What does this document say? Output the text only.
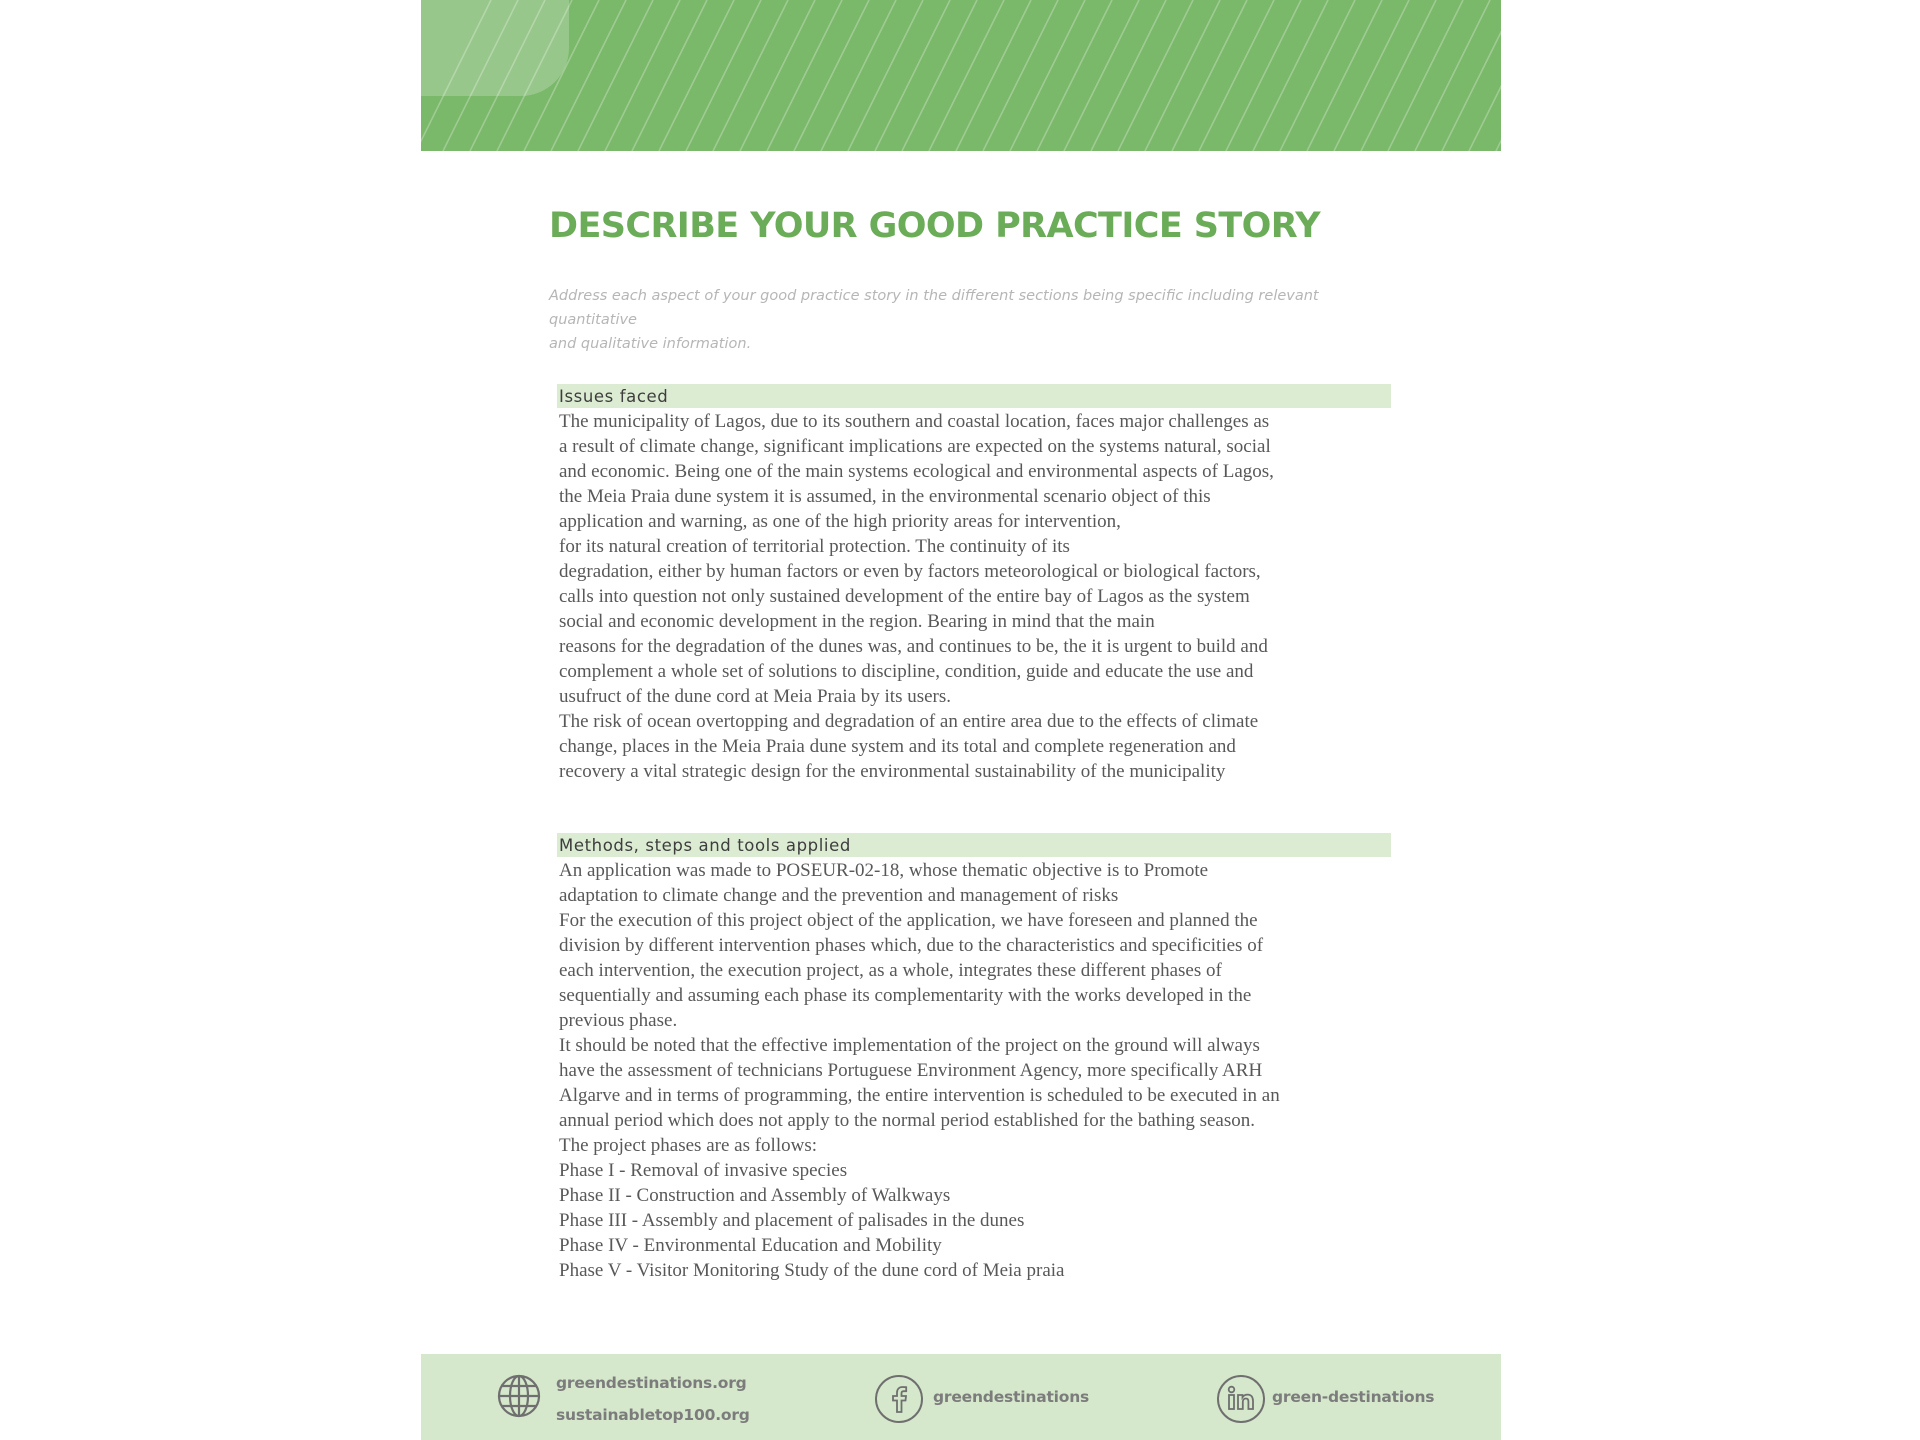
DESCRIBE YOUR GOOD PRACTICE STORY
Address each aspect of your good practice story in the different sections being specific including relevant quantitative
and qualitative information.
Issues faced
The municipality of Lagos, due to its southern and coastal location, faces major challenges as
a result of climate change, significant implications are expected on the systems natural, social
and economic. Being one of the main systems ecological and environmental aspects of Lagos,
the Meia Praia dune system it is assumed, in the environmental scenario object of this
application and warning, as one of the high priority areas for intervention,
for its natural creation of territorial protection. The continuity of its
degradation, either by human factors or even by factors meteorological or biological factors,
calls into question not only sustained development of the entire bay of Lagos as the system
social and economic development in the region. Bearing in mind that the main
reasons for the degradation of the dunes was, and continues to be, the it is urgent to build and
complement a whole set of solutions to discipline, condition, guide and educate the use and
usufruct of the dune cord at Meia Praia by its users.
The risk of ocean overtopping and degradation of an entire area due to the effects of climate
change, places in the Meia Praia dune system and its total and complete regeneration and
recovery a vital strategic design for the environmental sustainability of the municipality
Methods, steps and tools applied
An application was made to POSEUR-02-18, whose thematic objective is to Promote
adaptation to climate change and the prevention and management of risks
For the execution of this project object of the application, we have foreseen and planned the
division by different intervention phases which, due to the characteristics and specificities of
each intervention, the execution project, as a whole, integrates these different phases of
sequentially and assuming each phase its complementarity with the works developed in the
previous phase.
It should be noted that the effective implementation of the project on the ground will always
have the assessment of technicians Portuguese Environment Agency, more specifically ARH
Algarve and in terms of programming, the entire intervention is scheduled to be executed in an
annual period which does not apply to the normal period established for the bathing season.
The project phases are as follows:
Phase I - Removal of invasive species
Phase II - Construction and Assembly of Walkways
Phase III - Assembly and placement of palisades in the dunes
Phase IV - Environmental Education and Mobility
Phase V - Visitor Monitoring Study of the dune cord of Meia praia
greendestinations.org
sustainabletop100.org
greendestinations	green-destinations
